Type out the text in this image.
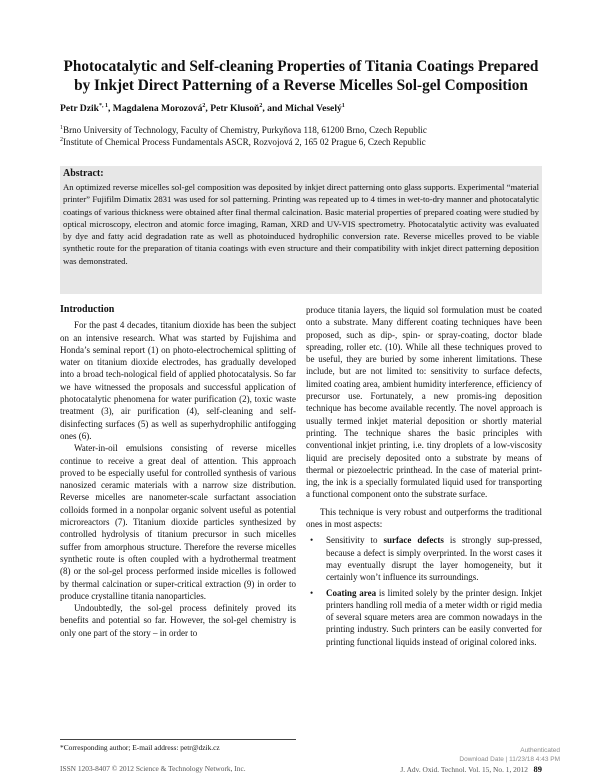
Photocatalytic and Self-cleaning Properties of Titania Coatings Prepared by Inkjet Direct Patterning of a Reverse Micelles Sol-gel Composition
Petr Dzik$^{*, 1}$, Magdalena Morozová$^2$, Petr Klusoň$^2$, and Michal Veselý$^1$
$^1$Brno University of Technology, Faculty of Chemistry, Purkyňova 118, 61200 Brno, Czech Republic
$^2$Institute of Chemical Process Fundamentals ASCR, Rozvojová 2, 165 02 Prague 6, Czech Republic
Abstract:
An optimized reverse micelles sol-gel composition was deposited by inkjet direct patterning onto glass supports. Experimental “material printer” Fujifilm Dimatix 2831 was used for sol patterning. Printing was repeated up to 4 times in wet-to-dry manner and photocatalytic coatings of various thickness were obtained after final thermal calcination. Basic material properties of prepared coating were studied by optical microscopy, electron and atomic force imaging, Raman, XRD and UV-VIS spectrometry. Photocatalytic activity was evaluated by dye and fatty acid degradation rate as well as photoinduced hydrophilic conversion rate. Reverse micelles proved to be viable synthetic route for the preparation of titania coatings with even structure and their compatibility with inkjet direct patterning deposition was demonstrated.
Introduction

For the past 4 decades, titanium dioxide has been the subject on an intensive research. What was started by Fujishima and Honda’s seminal report (1) on photo-electrochemical splitting of water on titanium dioxide electrodes, has gradually developed into a broad tech-nological field of applied photocatalysis. So far we have witnessed the proposals and successful application of photocatalytic phenomena for water purification (2), toxic waste treatment (3), air purification (4), self-cleaning and self-disinfecting surfaces (5) as well as superhydrophilic antifogging ones (6).

Water-in-oil emulsions consisting of reverse micelles continue to receive a great deal of attention. This approach proved to be especially useful for controlled synthesis of various nanosized ceramic materials with a narrow size distribution. Reverse micelles are nanometer-scale surfactant association colloids formed in a nonpolar organic solvent useful as potential microreactors (7). Titanium dioxide particles synthesized by controlled hydrolysis of titanium precursor in such micelles suffer from amorphous structure. Therefore the reverse micelles synthetic route is often coupled with a hydrothermal treatment (8) or the sol-gel process performed inside micelles is followed by thermal calcination or super-critical extraction (9) in order to produce crystalline titania nanoparticles.

Undoubtedly, the sol-gel process definitely proved its benefits and potential so far. However, the sol-gel chemistry is only one part of the story – in order to

produce titania layers, the liquid sol formulation must be coated onto a substrate. Many different coating techniques have been proposed, such as dip-, spin- or spray-coating, doctor blade spreading, roller etc. (10). While all these techniques proved to be useful, they are buried by some inherent limitations. These include, but are not limited to: sensitivity to surface defects, limited coating area, ambient humidity interference, efficiency of precursor use. Fortunately, a new promis-ing deposition technique has become available recently. The novel approach is usually termed inkjet material deposition or shortly material printing. The technique shares the basic principles with conventional inkjet printing, i.e. tiny droplets of a low-viscosity liquid are precisely deposited onto a substrate by means of thermal or piezoelectric printhead. In the case of material print-ing, the ink is a specially formulated liquid used for transporting a functional component onto the substrate surface.

This technique is very robust and outperforms the traditional ones in most aspects:

• Sensitivity to surface defects is strongly sup-pressed, because a defect is simply overprinted. In the worst cases it may eventually disrupt the layer homogeneity, but it certainly won’t influence its surroundings.
• Coating area is limited solely by the printer design. Inkjet printers handling roll media of a meter width or rigid media of several square meters area are common nowadays in the printing industry. Such printers can be easily converted for printing functional liquids instead of original colored inks.
*Corresponding author; E-mail address: petr@dzik.cz
ISSN 1203-8407 © 2012 Science & Technology Network, Inc.	J. Adv. Oxid. Technol. Vol. 15, No. 1, 2012 89
Authenticated
Download Date | 11/23/18 4:43 PM
